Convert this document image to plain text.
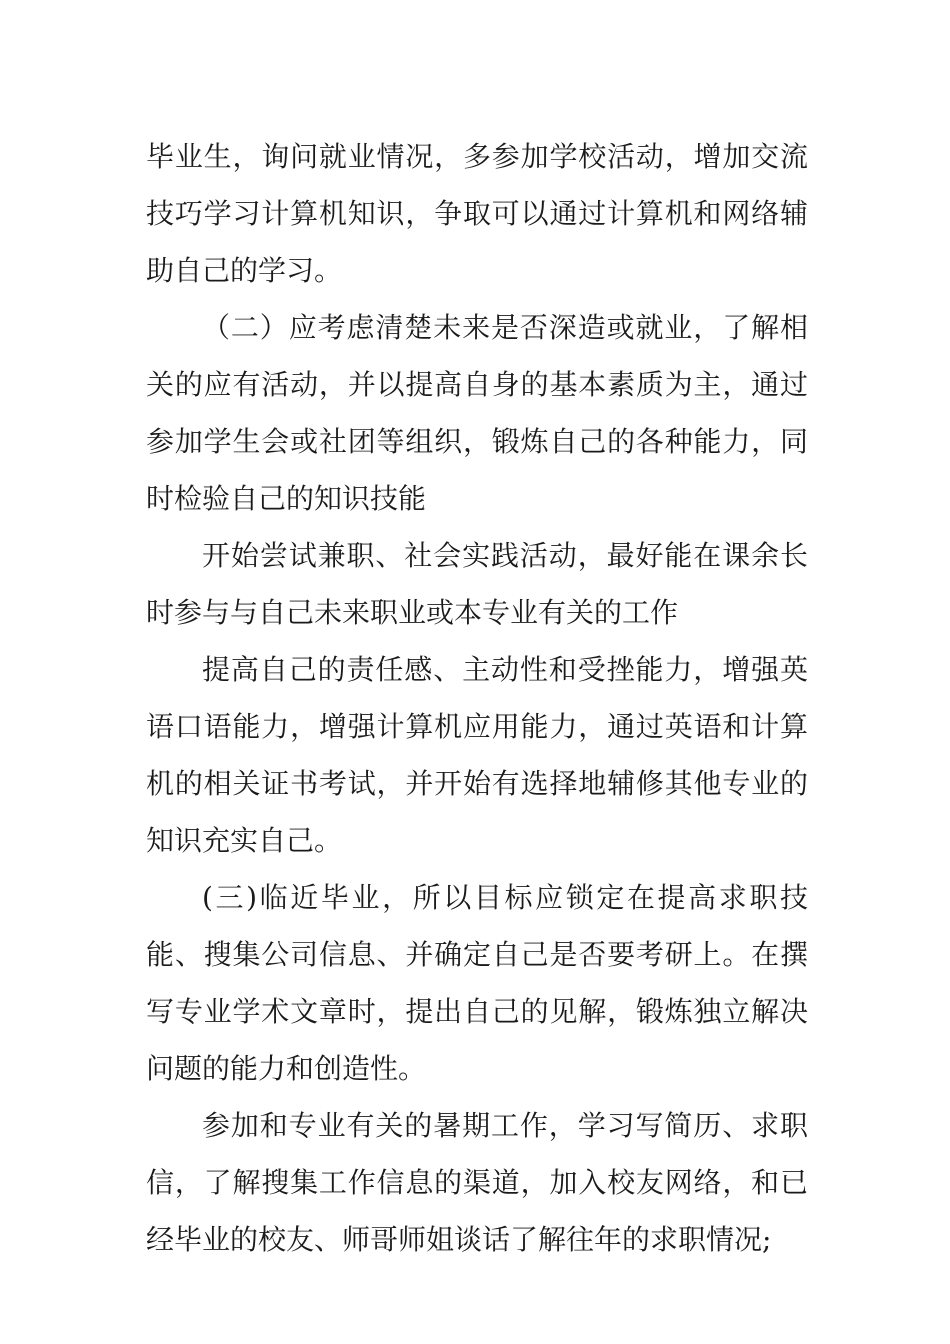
毕业生，询问就业情况，多参加学校活动，增加交流技巧学习计算机知识，争取可以通过计算机和网络辅助自己的学习。

（二）应考虑清楚未来是否深造或就业，了解相关的应有活动，并以提高自身的基本素质为主，通过参加学生会或社团等组织，锻炼自己的各种能力，同时检验自己的知识技能

开始尝试兼职、社会实践活动，最好能在课余长时参与与自己未来职业或本专业有关的工作

提高自己的责任感、主动性和受挫能力，增强英语口语能力，增强计算机应用能力，通过英语和计算机的相关证书考试，并开始有选择地辅修其他专业的知识充实自己。

(三)临近毕业，所以目标应锁定在提高求职技能、搜集公司信息、并确定自己是否要考研上。在撰写专业学术文章时，提出自己的见解，锻炼独立解决问题的能力和创造性。

参加和专业有关的暑期工作，学习写简历、求职信，了解搜集工作信息的渠道，加入校友网络，和已经毕业的校友、师哥师姐谈话了解往年的求职情况;
